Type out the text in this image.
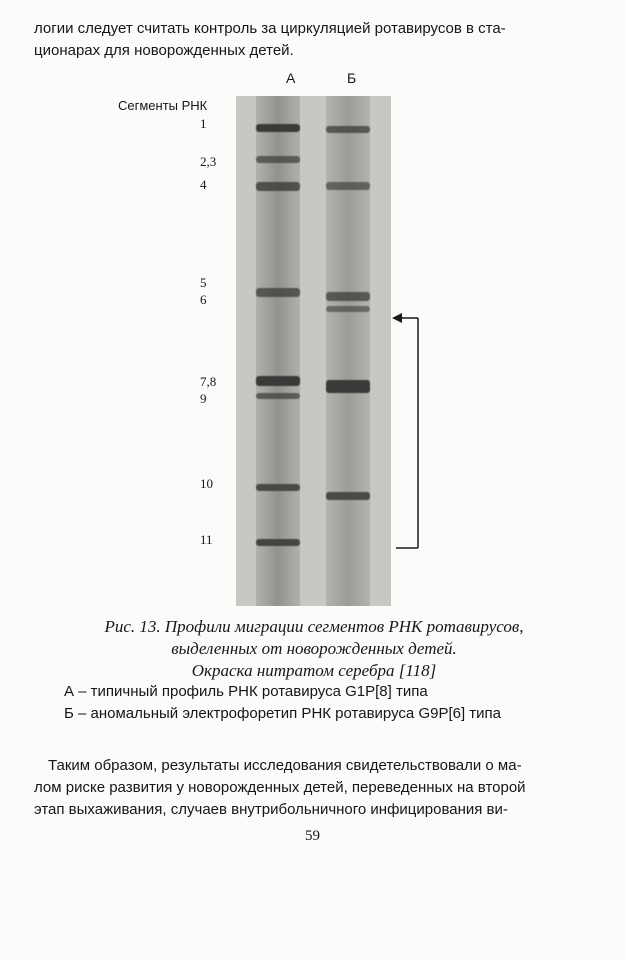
логии следует считать контроль за циркуляцией ротавирусов в ста-
ционарах для новорожденных детей.

А	Б
Сегменты РНК
1
2,3
4
5
6
7,8
9
10
11
Рис. 13. Профили миграции сегментов РНК ротавирусов,
выделенных от новорожденных детей.
Окраска нитратом серебра [118]
А – типичный профиль РНК ротавируса G1P[8] типа
Б – аномальный электрофоретип РНК ротавируса G9P[6] типа

Таким образом, результаты исследования свидетельствовали о ма-
лом риске развития у новорожденных детей, переведенных на второй
этап выхаживания, случаев внутрибольничного инфицирования ви-

59
